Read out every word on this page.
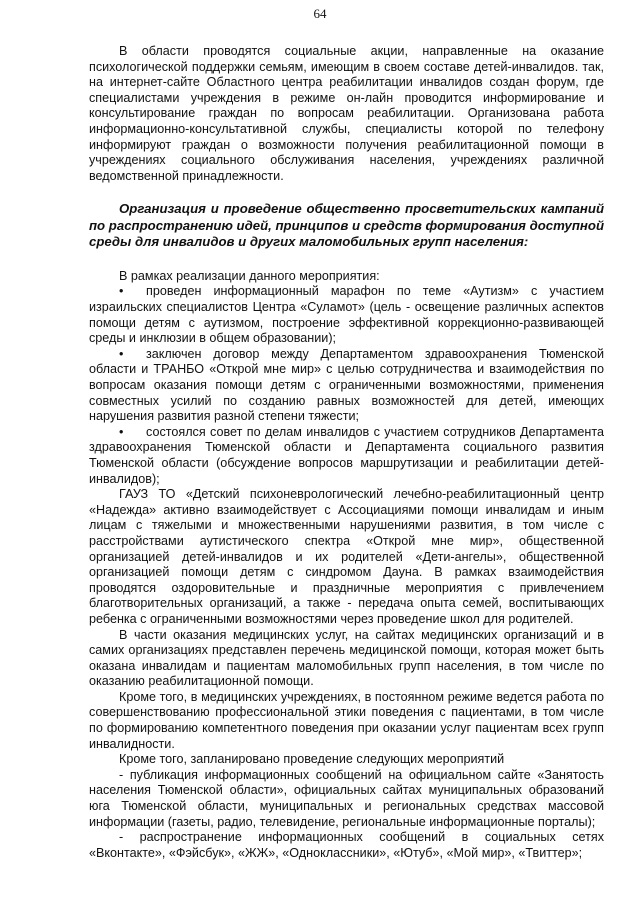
64

В области проводятся социальные акции, направленные на оказание психологической поддержки семьям, имеющим в своем составе детей-инвалидов. так, на интернет-сайте Областного центра реабилитации инвалидов создан форум, где специалистами учреждения в режиме он-лайн проводится информирование и консультирование граждан по вопросам реабилитации. Организована работа информационно-консультативной службы, специалисты которой по телефону информируют граждан о возможности получения реабилитационной помощи в учреждениях социального обслуживания населения, учреждениях различной ведомственной принадлежности.

Организация и проведение общественно просветительских кампаний по распространению идей, принципов и средств формирования доступной среды для инвалидов и других маломобильных групп населения:

В рамках реализации данного мероприятия:

• проведен информационный марафон по теме «Аутизм» с участием израильских специалистов Центра «Суламот» (цель - освещение различных аспектов помощи детям с аутизмом, построение эффективной коррекционно-развивающей среды и инклюзии в общем образовании);

• заключен договор между Департаментом здравоохранения Тюменской области и ТРАНБО «Открой мне мир» с целью сотрудничества и взаимодействия по вопросам оказания помощи детям с ограниченными возможностями, применения совместных усилий по созданию равных возможностей для детей, имеющих нарушения развития разной степени тяжести;

• состоялся совет по делам инвалидов с участием сотрудников Департамента здравоохранения Тюменской области и Департамента социального развития Тюменской области (обсуждение вопросов маршрутизации и реабилитации детей-инвалидов);

ГАУЗ ТО «Детский психоневрологический лечебно-реабилитационный центр «Надежда» активно взаимодействует с Ассоциациями помощи инвалидам и иным лицам с тяжелыми и множественными нарушениями развития, в том числе с расстройствами аутистического спектра «Открой мне мир», общественной организацией детей-инвалидов и их родителей «Дети-ангелы», общественной организацией помощи детям с синдромом Дауна. В рамках взаимодействия проводятся оздоровительные и праздничные мероприятия с привлечением благотворительных организаций, а также - передача опыта семей, воспитывающих ребенка с ограниченными возможностями через проведение школ для родителей.

В части оказания медицинских услуг, на сайтах медицинских организаций и в самих организациях представлен перечень медицинской помощи, которая может быть оказана инвалидам и пациентам маломобильных групп населения, в том числе по оказанию реабилитационной помощи.

Кроме того, в медицинских учреждениях, в постоянном режиме ведется работа по совершенствованию профессиональной этики поведения с пациентами, в том числе по формированию компетентного поведения при оказании услуг пациентам всех групп инвалидности.

Кроме того, запланировано проведение следующих мероприятий

- публикация информационных сообщений на официальном сайте «Занятость населения Тюменской области», официальных сайтах муниципальных образований юга Тюменской области, муниципальных и региональных средствах массовой информации (газеты, радио, телевидение, региональные информационные порталы);

- распространение информационных сообщений в социальных сетях «Вконтакте», «Фэйсбук», «ЖЖ», «Одноклассники», «Ютуб», «Мой мир», «Твиттер»;
